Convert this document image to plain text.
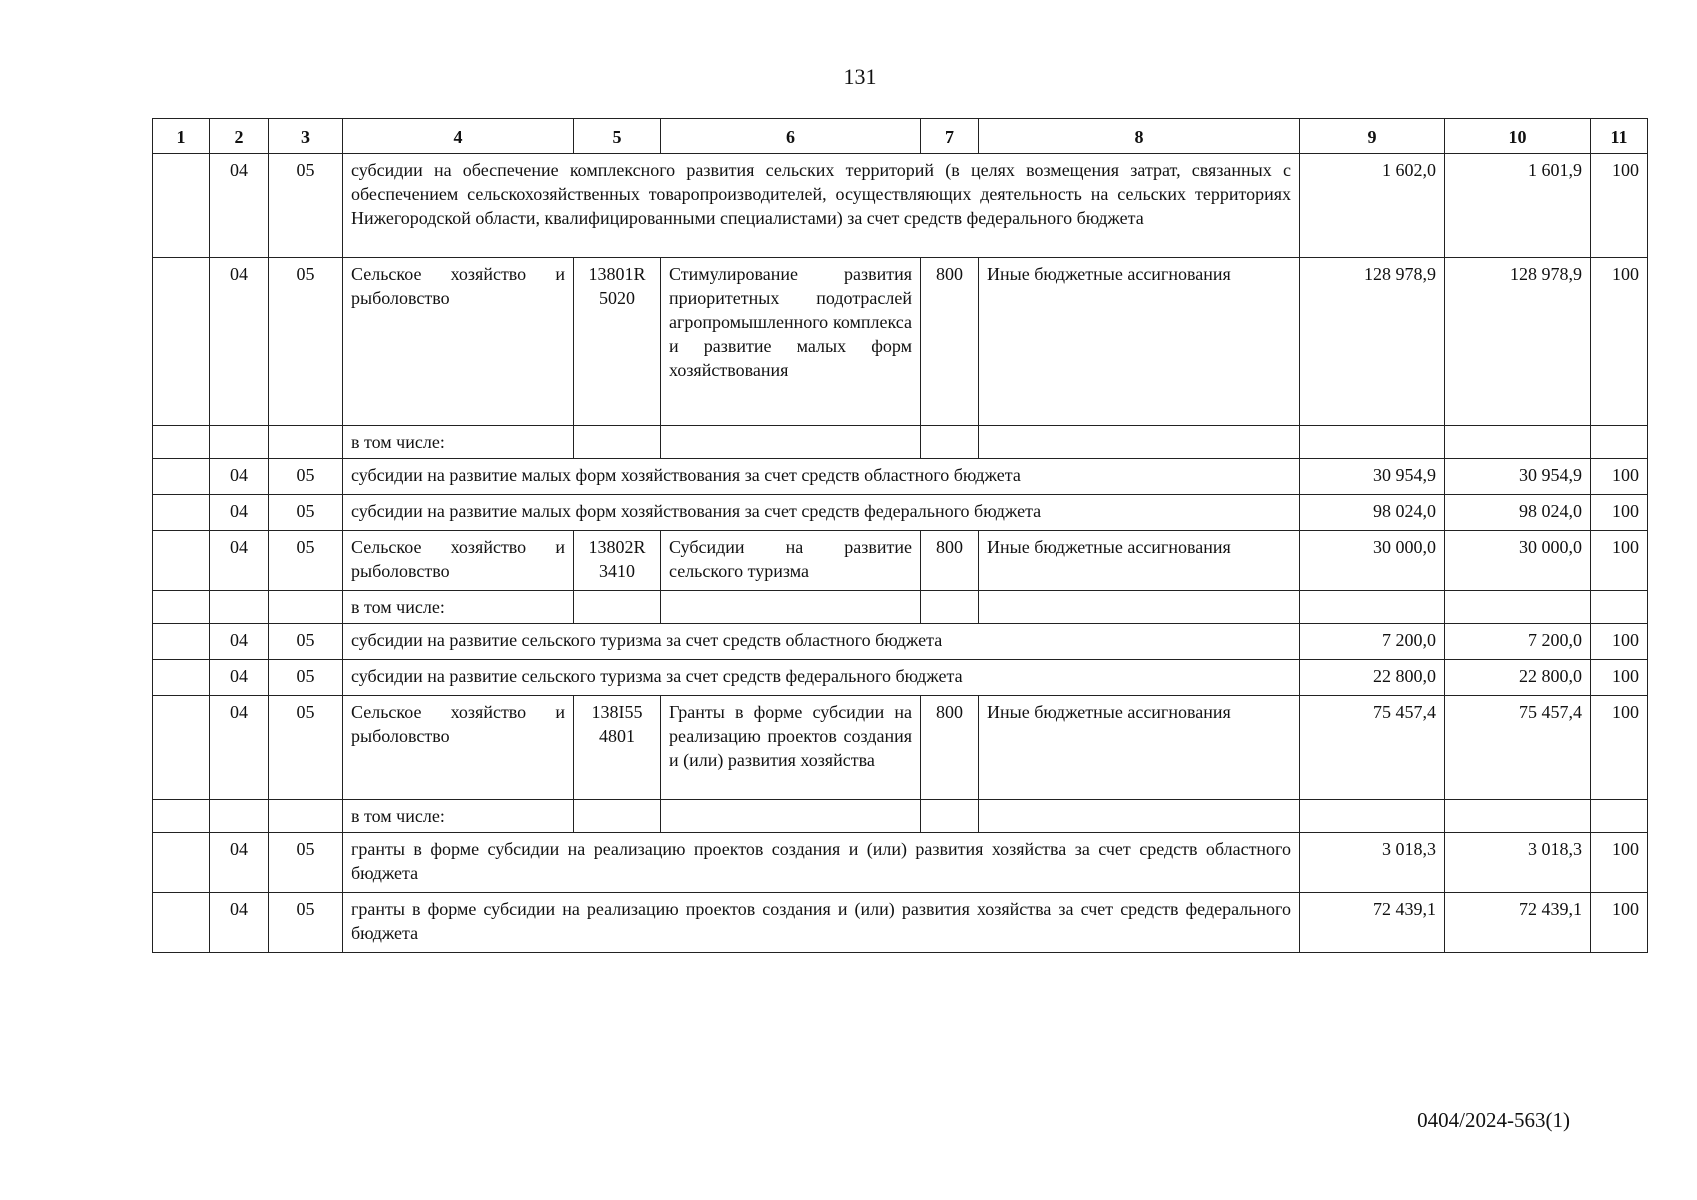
131
1	2	3	4	5	6	7	8	9	10	11
	04	05	субсидии на обеспечение комплексного развития сельских территорий (в целях возмещения затрат, связанных с обеспечением сельскохозяйственных товаропроизводителей, осуществляющих деятельность на сельских территориях Нижегородской области, квалифицированными специалистами) за счет средств федерального бюджета					1 602,0	1 601,9	100
	04	05	Сельское хозяйство и рыболовство	13801R 5020	Стимулирование развития приоритетных подотраслей агропромышленного комплекса и развитие малых форм хозяйствования	800	Иные бюджетные ассигнования	128 978,9	128 978,9	100
			в том числе:							
	04	05	субсидии на развитие малых форм хозяйствования за счет средств областного бюджета					30 954,9	30 954,9	100
	04	05	субсидии на развитие малых форм хозяйствования за счет средств федерального бюджета					98 024,0	98 024,0	100
	04	05	Сельское хозяйство и рыболовство	13802R 3410	Субсидии на развитие сельского туризма	800	Иные бюджетные ассигнования	30 000,0	30 000,0	100
			в том числе:							
	04	05	субсидии на развитие сельского туризма за счет средств областного бюджета					7 200,0	7 200,0	100
	04	05	субсидии на развитие сельского туризма за счет средств федерального бюджета					22 800,0	22 800,0	100
	04	05	Сельское хозяйство и рыболовство	138I55 4801	Гранты в форме субсидии на реализацию проектов создания и (или) развития хозяйства	800	Иные бюджетные ассигнования	75 457,4	75 457,4	100
			в том числе:							
	04	05	гранты в форме субсидии на реализацию проектов создания и (или) развития хозяйства за счет средств областного бюджета					3 018,3	3 018,3	100
	04	05	гранты в форме субсидии на реализацию проектов создания и (или) развития хозяйства за счет средств федерального бюджета					72 439,1	72 439,1	100
0404/2024-563(1)
